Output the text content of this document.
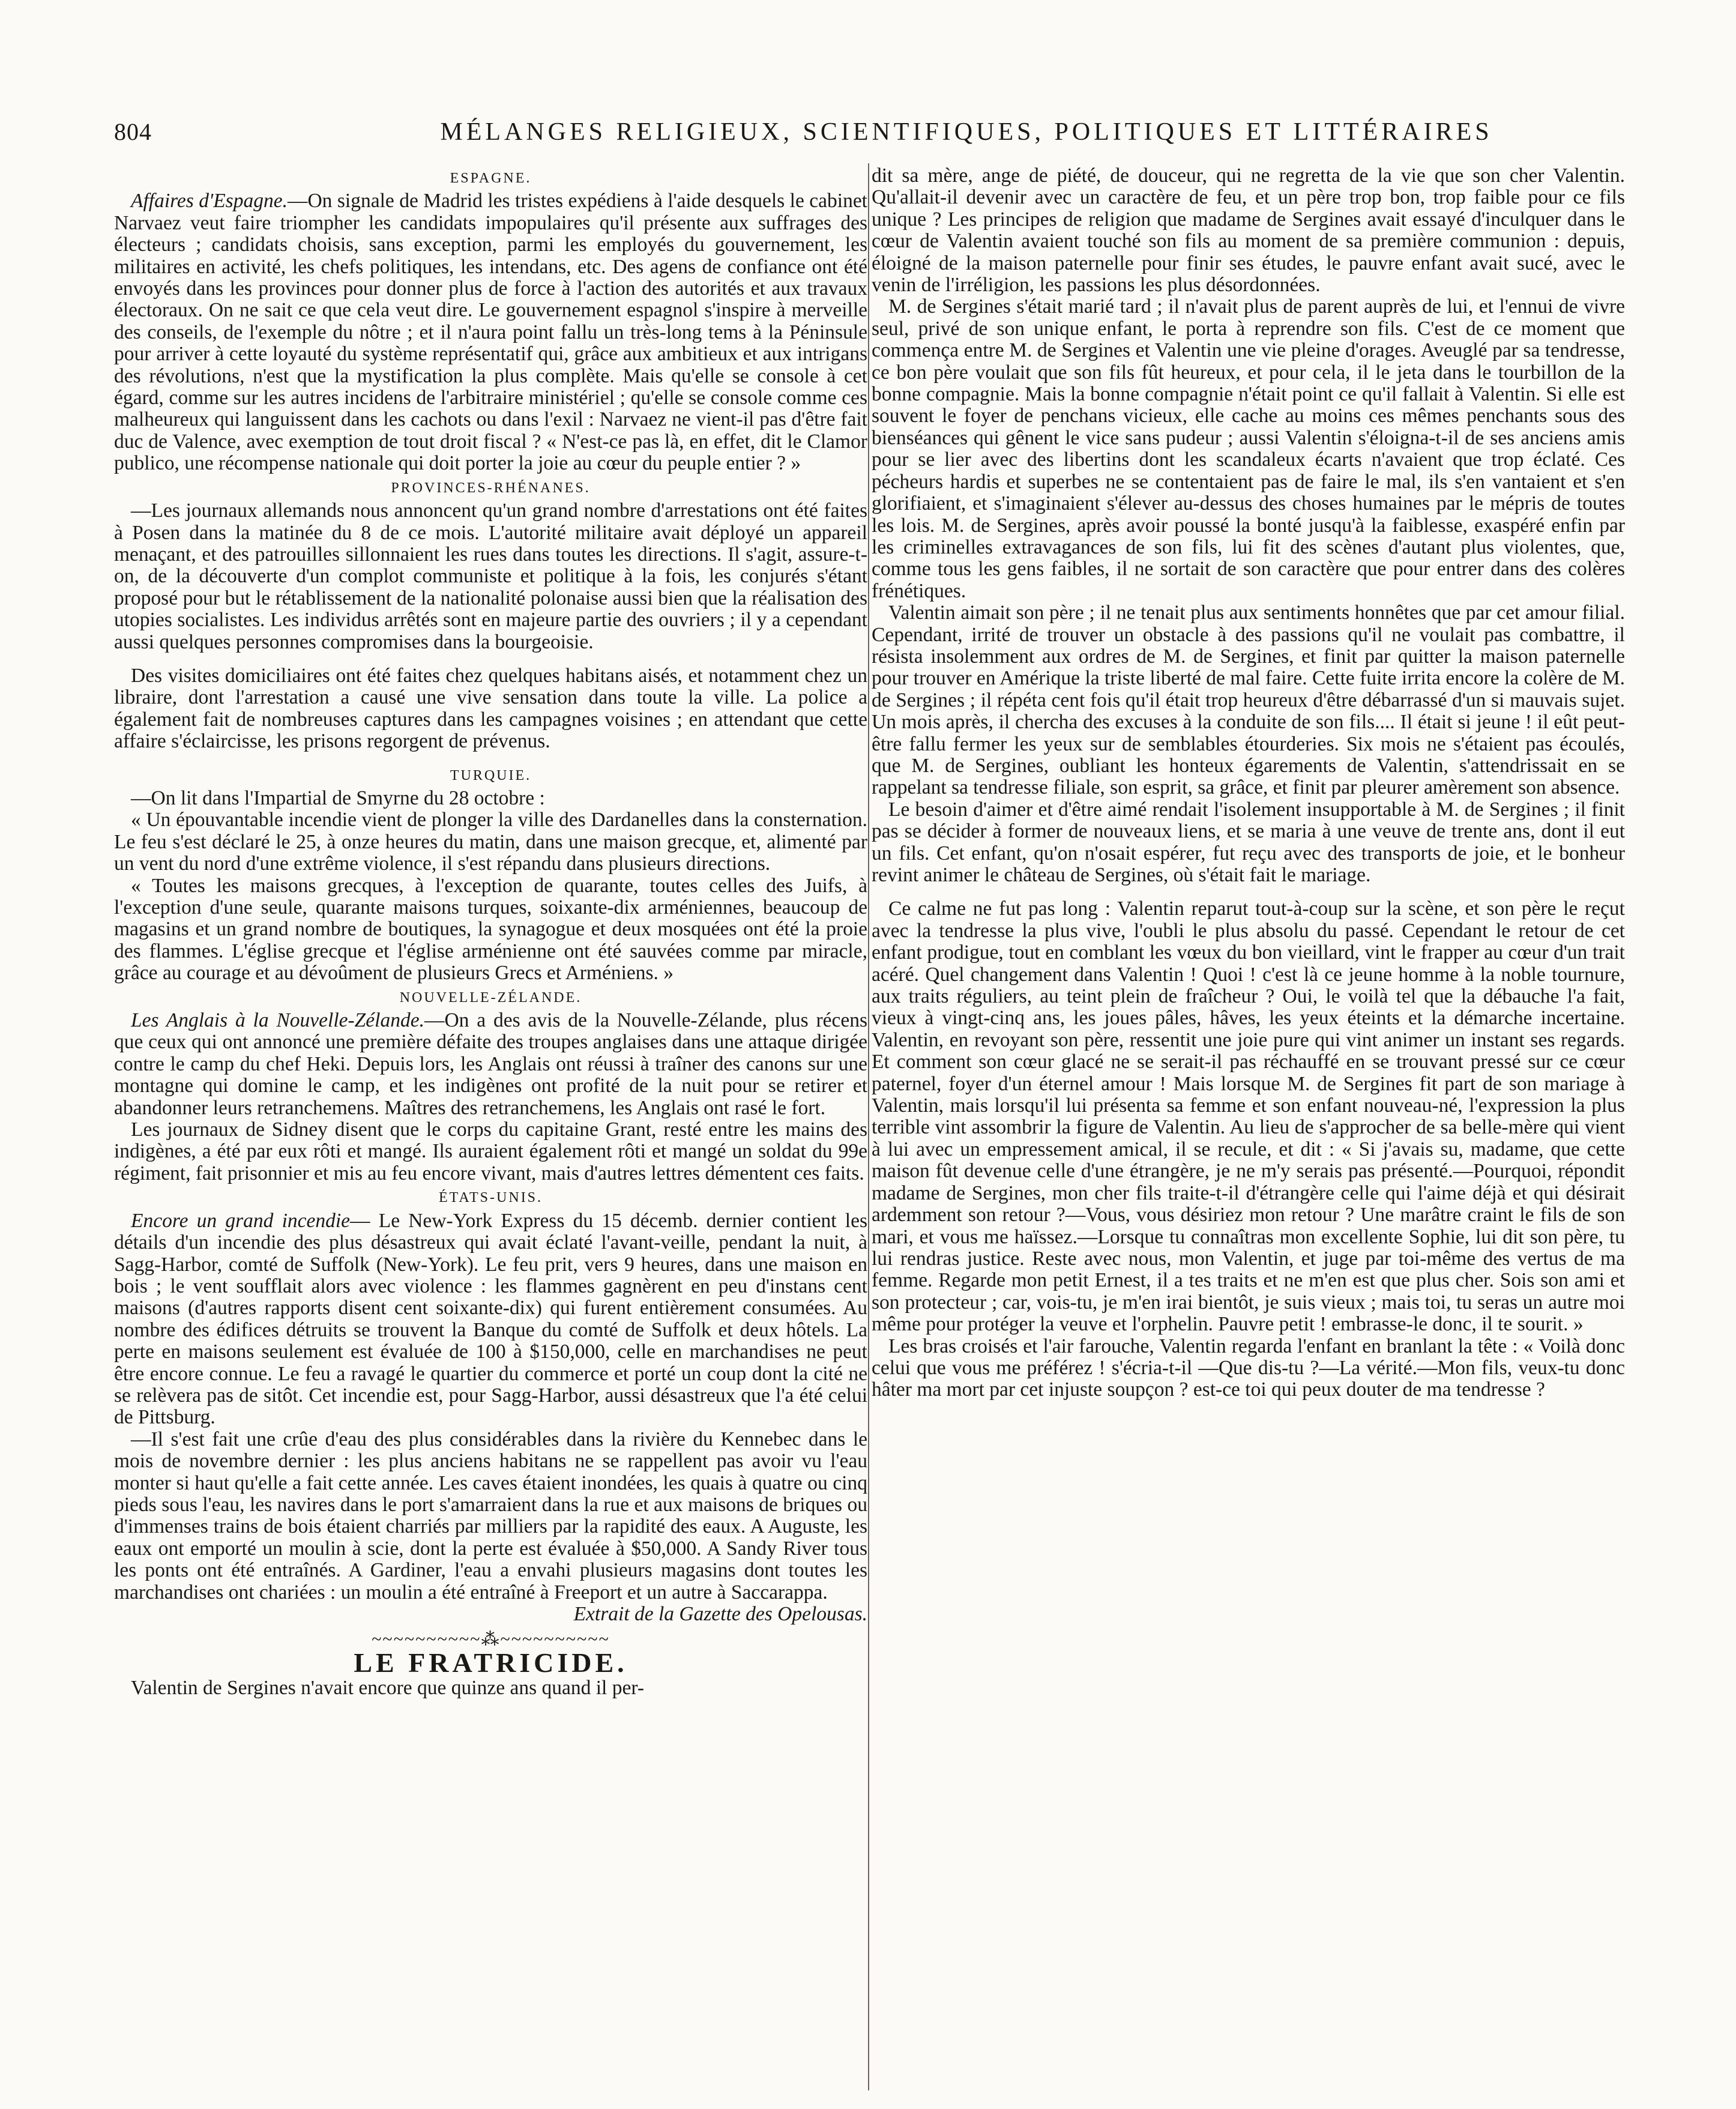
804	MÉLANGES RELIGIEUX, SCIENTIFIQUES, POLITIQUES ET LITTÉRAIRES
ESPAGNE.

Affaires d'Espagne.—On signale de Madrid les tristes expédiens à l'aide desquels le cabinet Narvaez veut faire triompher les candidats impopulaires qu'il présente aux suffrages des électeurs ; candidats choisis, sans exception, parmi les employés du gouvernement, les militaires en activité, les chefs politiques, les intendans, etc. Des agens de confiance ont été envoyés dans les provinces pour donner plus de force à l'action des autorités et aux travaux électoraux. On ne sait ce que cela veut dire. Le gouvernement espagnol s'inspire à merveille des conseils, de l'exemple du nôtre ; et il n'aura point fallu un très-long tems à la Péninsule pour arriver à cette loyauté du système représentatif qui, grâce aux ambitieux et aux intrigans des révolutions, n'est que la mystification la plus complète. Mais qu'elle se console à cet égard, comme sur les autres incidens de l'arbitraire ministériel ; qu'elle se console comme ces malheureux qui languissent dans les cachots ou dans l'exil : Narvaez ne vient-il pas d'être fait duc de Valence, avec exemption de tout droit fiscal ? « N'est-ce pas là, en effet, dit le Clamor publico, une récompense nationale qui doit porter la joie au cœur du peuple entier ? »

PROVINCES-RHÉNANES.

—Les journaux allemands nous annoncent qu'un grand nombre d'arrestations ont été faites à Posen dans la matinée du 8 de ce mois. L'autorité militaire avait déployé un appareil menaçant, et des patrouilles sillonnaient les rues dans toutes les directions. Il s'agit, assure-t-on, de la découverte d'un complot communiste et politique à la fois, les conjurés s'étant proposé pour but le rétablissement de la nationalité polonaise aussi bien que la réalisation des utopies socialistes. Les individus arrêtés sont en majeure partie des ouvriers ; il y a cependant aussi quelques personnes compromises dans la bourgeoisie.

Des visites domiciliaires ont été faites chez quelques habitans aisés, et notamment chez un libraire, dont l'arrestation a causé une vive sensation dans toute la ville. La police a également fait de nombreuses captures dans les campagnes voisines ; en attendant que cette affaire s'éclaircisse, les prisons regorgent de prévenus.

TURQUIE.

—On lit dans l'Impartial de Smyrne du 28 octobre :

« Un épouvantable incendie vient de plonger la ville des Dardanelles dans la consternation. Le feu s'est déclaré le 25, à onze heures du matin, dans une maison grecque, et, alimenté par un vent du nord d'une extrême violence, il s'est répandu dans plusieurs directions.

« Toutes les maisons grecques, à l'exception de quarante, toutes celles des Juifs, à l'exception d'une seule, quarante maisons turques, soixante-dix arméniennes, beaucoup de magasins et un grand nombre de boutiques, la synagogue et deux mosquées ont été la proie des flammes. L'église grecque et l'église arménienne ont été sauvées comme par miracle, grâce au courage et au dévoûment de plusieurs Grecs et Arméniens. »

NOUVELLE-ZÉLANDE.

Les Anglais à la Nouvelle-Zélande.—On a des avis de la Nouvelle-Zélande, plus récens que ceux qui ont annoncé une première défaite des troupes anglaises dans une attaque dirigée contre le camp du chef Heki. Depuis lors, les Anglais ont réussi à traîner des canons sur une montagne qui domine le camp, et les indigènes ont profité de la nuit pour se retirer et abandonner leurs retranchemens. Maîtres des retranchemens, les Anglais ont rasé le fort.

Les journaux de Sidney disent que le corps du capitaine Grant, resté entre les mains des indigènes, a été par eux rôti et mangé. Ils auraient également rôti et mangé un soldat du 99e régiment, fait prisonnier et mis au feu encore vivant, mais d'autres lettres démentent ces faits.

ÉTATS-UNIS.

Encore un grand incendie— Le New-York Express du 15 décemb. dernier contient les détails d'un incendie des plus désastreux qui avait éclaté l'avant-veille, pendant la nuit, à Sagg-Harbor, comté de Suffolk (New-York). Le feu prit, vers 9 heures, dans une maison en bois ; le vent soufflait alors avec violence : les flammes gagnèrent en peu d'instans cent maisons (d'autres rapports disent cent soixante-dix) qui furent entièrement consumées. Au nombre des édifices détruits se trouvent la Banque du comté de Suffolk et deux hôtels. La perte en maisons seulement est évaluée de 100 à $150,000, celle en marchandises ne peut être encore connue. Le feu a ravagé le quartier du commerce et porté un coup dont la cité ne se relèvera pas de sitôt. Cet incendie est, pour Sagg-Harbor, aussi désastreux que l'a été celui de Pittsburg.

—Il s'est fait une crûe d'eau des plus considérables dans la rivière du Kennebec dans le mois de novembre dernier : les plus anciens habitans ne se rappellent pas avoir vu l'eau monter si haut qu'elle a fait cette année. Les caves étaient inondées, les quais à quatre ou cinq pieds sous l'eau, les navires dans le port s'amarraient dans la rue et aux maisons de briques ou d'immenses trains de bois étaient charriés par milliers par la rapidité des eaux. A Auguste, les eaux ont emporté un moulin à scie, dont la perte est évaluée à $50,000. A Sandy River tous les ponts ont été entraînés. A Gardiner, l'eau a envahi plusieurs magasins dont toutes les marchandises ont chariées : un moulin a été entraîné à Freeport et un autre à Saccarappa.

Extrait de la Gazette des Opelousas.

~~~~~~~~~~⁂~~~~~~~~~~
LE FRATRICIDE.

Valentin de Sergines n'avait encore que quinze ans quand il per-

dit sa mère, ange de piété, de douceur, qui ne regretta de la vie que son cher Valentin. Qu'allait-il devenir avec un caractère de feu, et un père trop bon, trop faible pour ce fils unique ? Les principes de religion que madame de Sergines avait essayé d'inculquer dans le cœur de Valentin avaient touché son fils au moment de sa première communion : depuis, éloigné de la maison paternelle pour finir ses études, le pauvre enfant avait sucé, avec le venin de l'irréligion, les passions les plus désordonnées.

M. de Sergines s'était marié tard ; il n'avait plus de parent auprès de lui, et l'ennui de vivre seul, privé de son unique enfant, le porta à reprendre son fils. C'est de ce moment que commença entre M. de Sergines et Valentin une vie pleine d'orages. Aveuglé par sa tendresse, ce bon père voulait que son fils fût heureux, et pour cela, il le jeta dans le tourbillon de la bonne compagnie. Mais la bonne compagnie n'était point ce qu'il fallait à Valentin. Si elle est souvent le foyer de penchans vicieux, elle cache au moins ces mêmes penchants sous des bienséances qui gênent le vice sans pudeur ; aussi Valentin s'éloigna-t-il de ses anciens amis pour se lier avec des libertins dont les scandaleux écarts n'avaient que trop éclaté. Ces pécheurs hardis et superbes ne se contentaient pas de faire le mal, ils s'en vantaient et s'en glorifiaient, et s'imaginaient s'élever au-dessus des choses humaines par le mépris de toutes les lois. M. de Sergines, après avoir poussé la bonté jusqu'à la faiblesse, exaspéré enfin par les criminelles extravagances de son fils, lui fit des scènes d'autant plus violentes, que, comme tous les gens faibles, il ne sortait de son caractère que pour entrer dans des colères frénétiques.

Valentin aimait son père ; il ne tenait plus aux sentiments honnêtes que par cet amour filial. Cependant, irrité de trouver un obstacle à des passions qu'il ne voulait pas combattre, il résista insolemment aux ordres de M. de Sergines, et finit par quitter la maison paternelle pour trouver en Amérique la triste liberté de mal faire. Cette fuite irrita encore la colère de M. de Sergines ; il répéta cent fois qu'il était trop heureux d'être débarrassé d'un si mauvais sujet. Un mois après, il chercha des excuses à la conduite de son fils.... Il était si jeune ! il eût peut-être fallu fermer les yeux sur de semblables étourderies. Six mois ne s'étaient pas écoulés, que M. de Sergines, oubliant les honteux égarements de Valentin, s'attendrissait en se rappelant sa tendresse filiale, son esprit, sa grâce, et finit par pleurer amèrement son absence.

Le besoin d'aimer et d'être aimé rendait l'isolement insupportable à M. de Sergines ; il finit pas se décider à former de nouveaux liens, et se maria à une veuve de trente ans, dont il eut un fils. Cet enfant, qu'on n'osait espérer, fut reçu avec des transports de joie, et le bonheur revint animer le château de Sergines, où s'était fait le mariage.

Ce calme ne fut pas long : Valentin reparut tout-à-coup sur la scène, et son père le reçut avec la tendresse la plus vive, l'oubli le plus absolu du passé. Cependant le retour de cet enfant prodigue, tout en comblant les vœux du bon vieillard, vint le frapper au cœur d'un trait acéré. Quel changement dans Valentin ! Quoi ! c'est là ce jeune homme à la noble tournure, aux traits réguliers, au teint plein de fraîcheur ? Oui, le voilà tel que la débauche l'a fait, vieux à vingt-cinq ans, les joues pâles, hâves, les yeux éteints et la démarche incertaine. Valentin, en revoyant son père, ressentit une joie pure qui vint animer un instant ses regards. Et comment son cœur glacé ne se serait-il pas réchauffé en se trouvant pressé sur ce cœur paternel, foyer d'un éternel amour ! Mais lorsque M. de Sergines fit part de son mariage à Valentin, mais lorsqu'il lui présenta sa femme et son enfant nouveau-né, l'expression la plus terrible vint assombrir la figure de Valentin. Au lieu de s'approcher de sa belle-mère qui vient à lui avec un empressement amical, il se recule, et dit : « Si j'avais su, madame, que cette maison fût devenue celle d'une étrangère, je ne m'y serais pas présenté.—Pourquoi, répondit madame de Sergines, mon cher fils traite-t-il d'étrangère celle qui l'aime déjà et qui désirait ardemment son retour ?—Vous, vous désiriez mon retour ? Une marâtre craint le fils de son mari, et vous me haïssez.—Lorsque tu connaîtras mon excellente Sophie, lui dit son père, tu lui rendras justice. Reste avec nous, mon Valentin, et juge par toi-même des vertus de ma femme. Regarde mon petit Ernest, il a tes traits et ne m'en est que plus cher. Sois son ami et son protecteur ; car, vois-tu, je m'en irai bientôt, je suis vieux ; mais toi, tu seras un autre moi même pour protéger la veuve et l'orphelin. Pauvre petit ! embrasse-le donc, il te sourit. »

Les bras croisés et l'air farouche, Valentin regarda l'enfant en branlant la tête : « Voilà donc celui que vous me préférez ! s'écria-t-il —Que dis-tu ?—La vérité.—Mon fils, veux-tu donc hâter ma mort par cet injuste soupçon ? est-ce toi qui peux douter de ma tendresse ?
